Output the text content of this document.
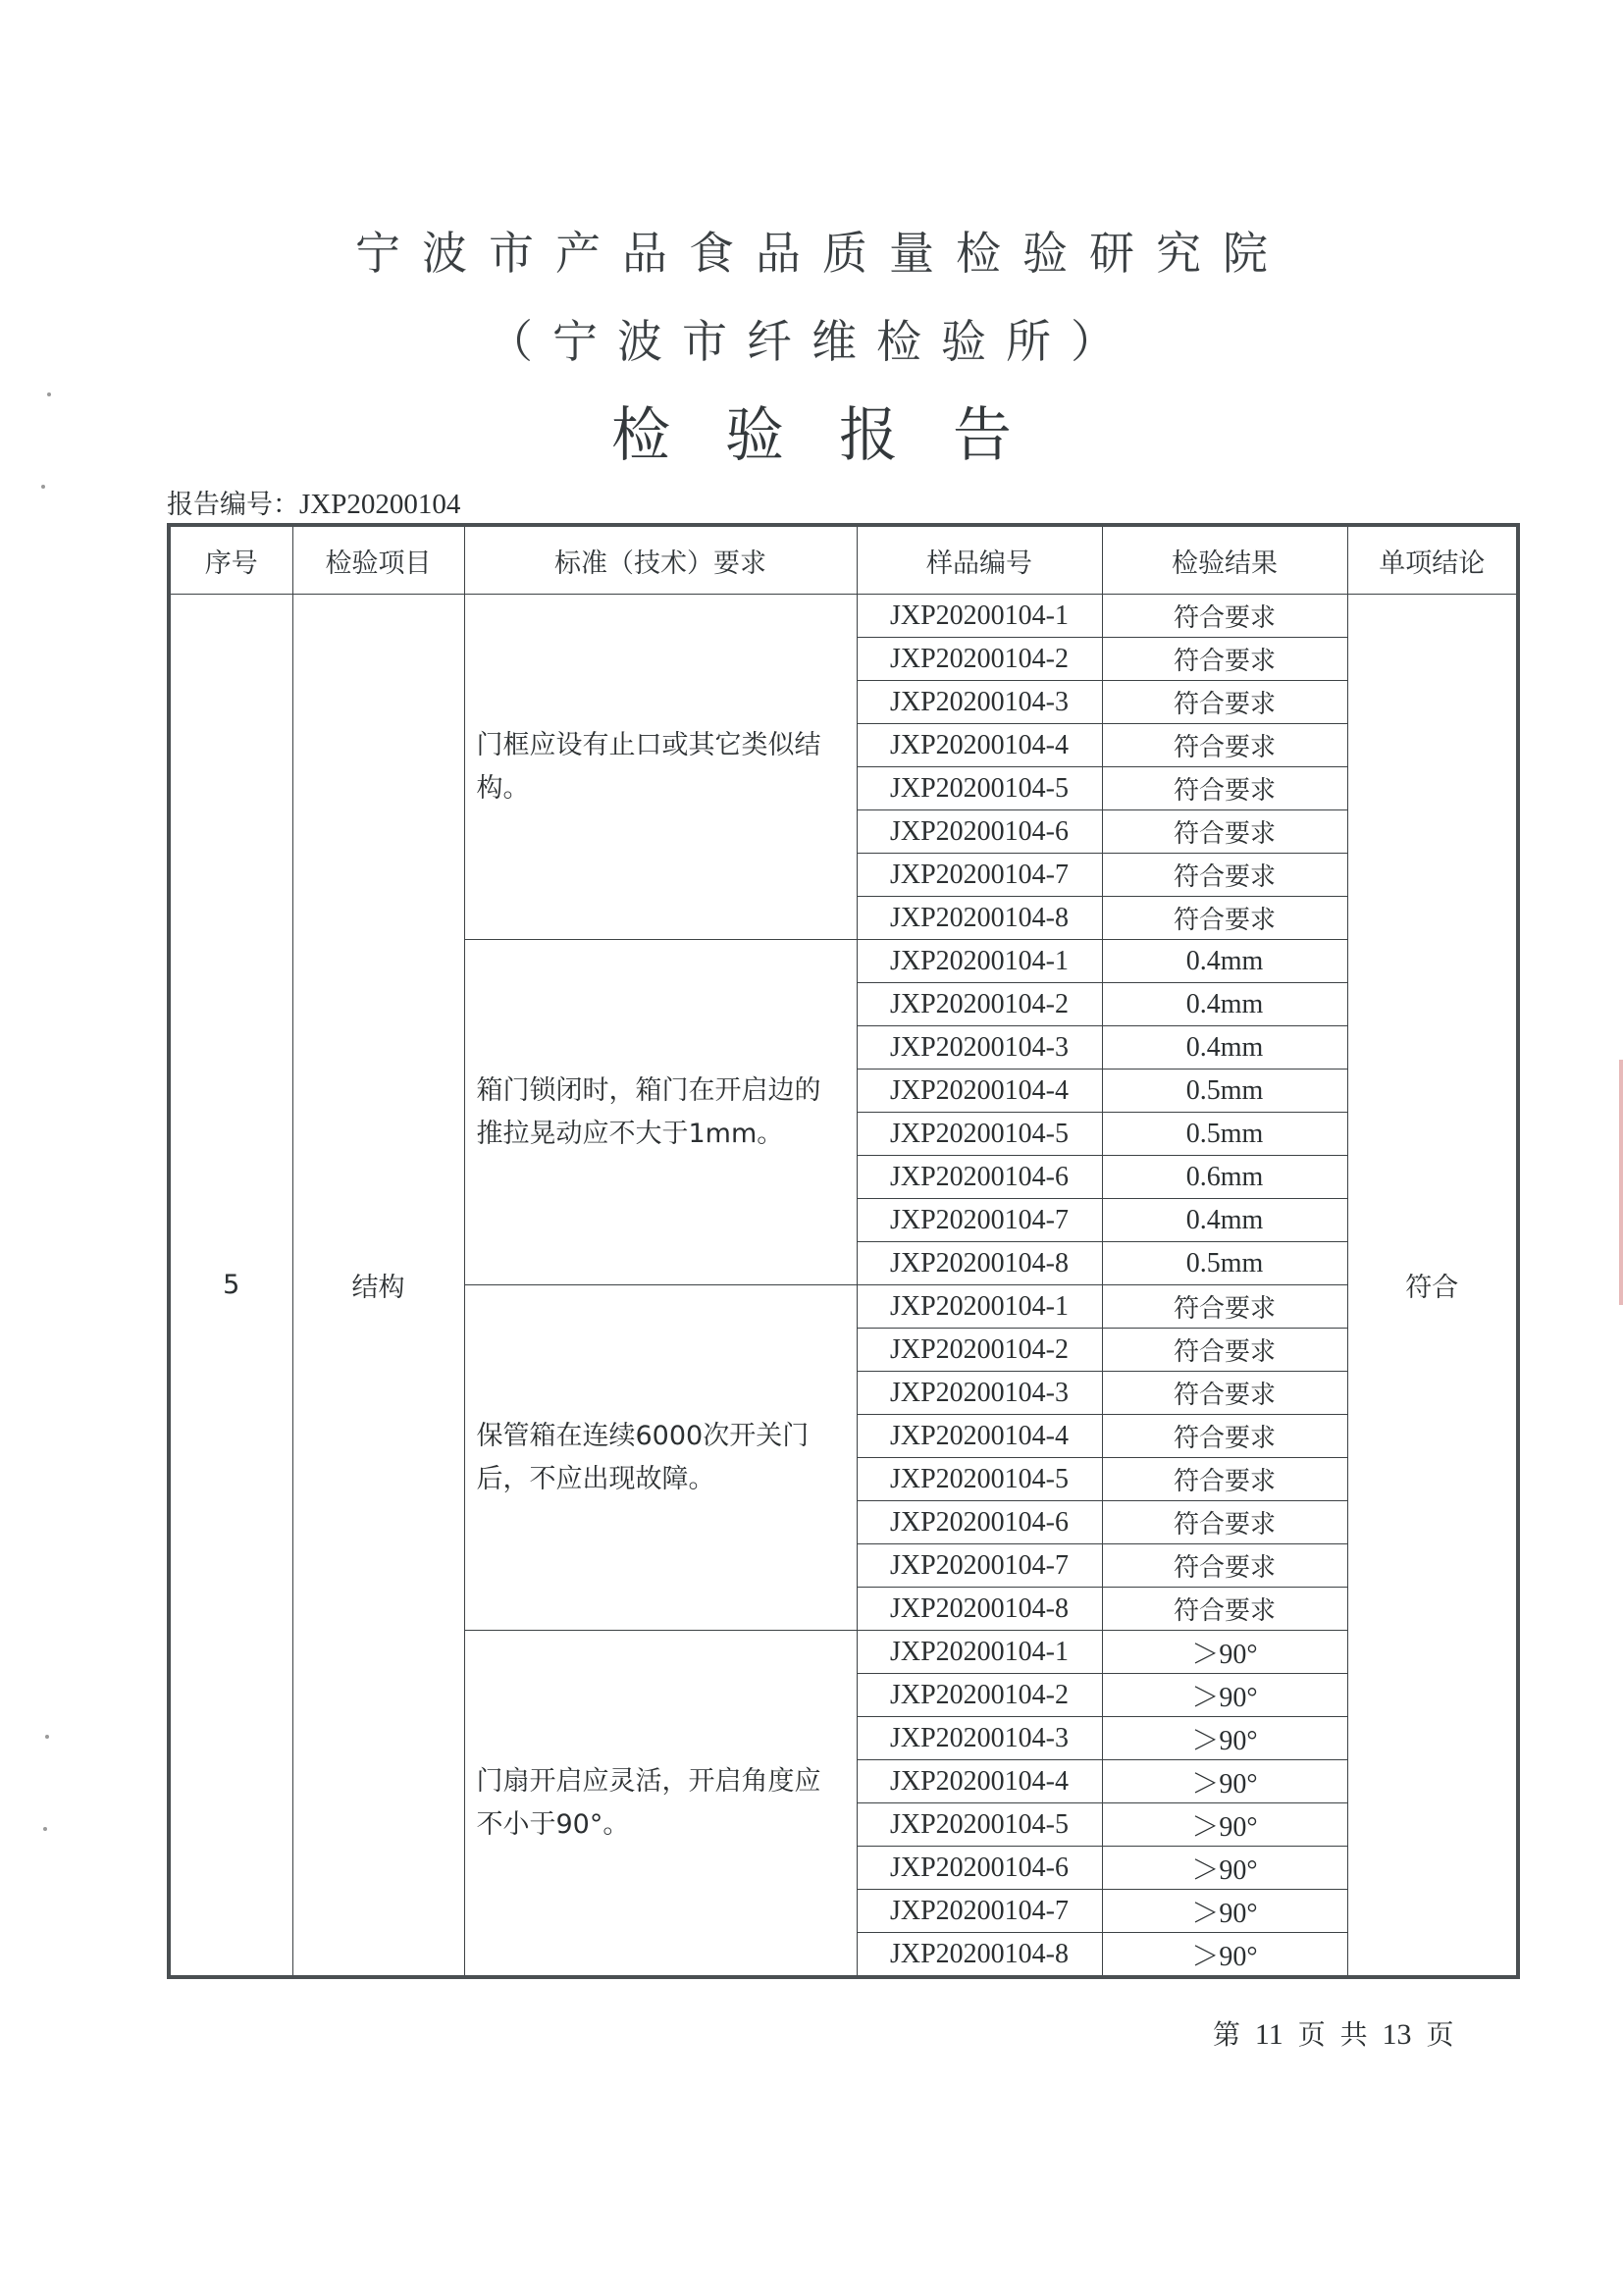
宁波市产品食品质量检验研究院
（宁波市纤维检验所）
检验报告
报告编号：JXP20200104
序号	检验项目	标准（技术）要求	样品编号	检验结果	单项结论
5	结构	门框应设有止口或其它类似结构。	JXP20200104-1	符合要求	符合
			JXP20200104-2	符合要求	
			JXP20200104-3	符合要求	
			JXP20200104-4	符合要求	
			JXP20200104-5	符合要求	
			JXP20200104-6	符合要求	
			JXP20200104-7	符合要求	
			JXP20200104-8	符合要求	
		箱门锁闭时，箱门在开启边的推拉晃动应不大于1mm。	JXP20200104-1	0.4mm	
			JXP20200104-2	0.4mm	
			JXP20200104-3	0.4mm	
			JXP20200104-4	0.5mm	
			JXP20200104-5	0.5mm	
			JXP20200104-6	0.6mm	
			JXP20200104-7	0.4mm	
			JXP20200104-8	0.5mm	
		保管箱在连续6000次开关门后，不应出现故障。	JXP20200104-1	符合要求	
			JXP20200104-2	符合要求	
			JXP20200104-3	符合要求	
			JXP20200104-4	符合要求	
			JXP20200104-5	符合要求	
			JXP20200104-6	符合要求	
			JXP20200104-7	符合要求	
			JXP20200104-8	符合要求	
		门扇开启应灵活，开启角度应不小于90°。	JXP20200104-1	＞90°	
			JXP20200104-2	＞90°	
			JXP20200104-3	＞90°	
			JXP20200104-4	＞90°	
			JXP20200104-5	＞90°	
			JXP20200104-6	＞90°	
			JXP20200104-7	＞90°	
			JXP20200104-8	＞90°	
第 11 页 共 13 页
